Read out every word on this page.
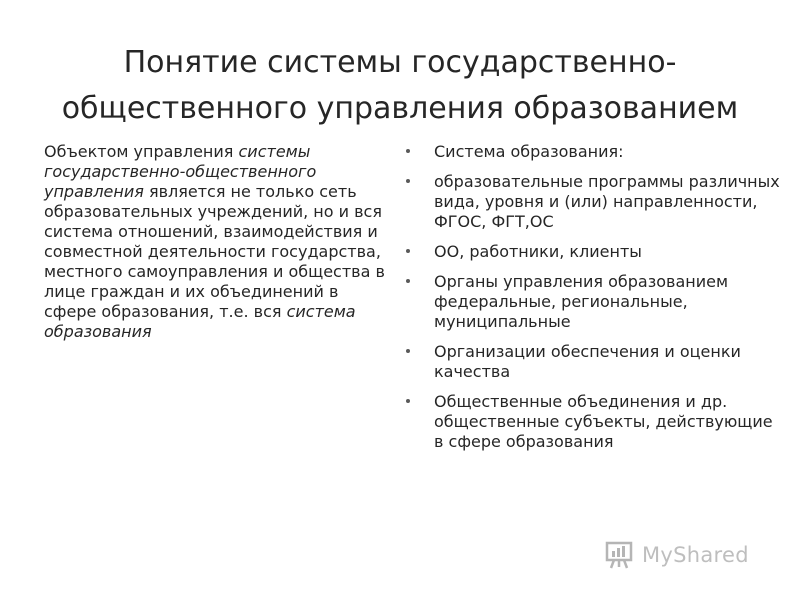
Понятие системы государственно-общественного управления образованием
Объектом управления системы государственно-общественного управления является не только сеть образовательных учреждений, но и вся система отношений, взаимодействия и совместной деятельности государства, местного самоуправления и общества в лице граждан и их объединений в сфере образования, т.е. вся система образования
Система образования:
образовательные программы различных вида, уровня и (или) направленности, ФГОС, ФГТ,ОС
ОО, работники, клиенты
Органы управления образованием федеральные, региональные, муниципальные
Организации обеспечения и оценки качества
Общественные объединения и др. общественные субъекты, действующие в сфере образования
MyShared
